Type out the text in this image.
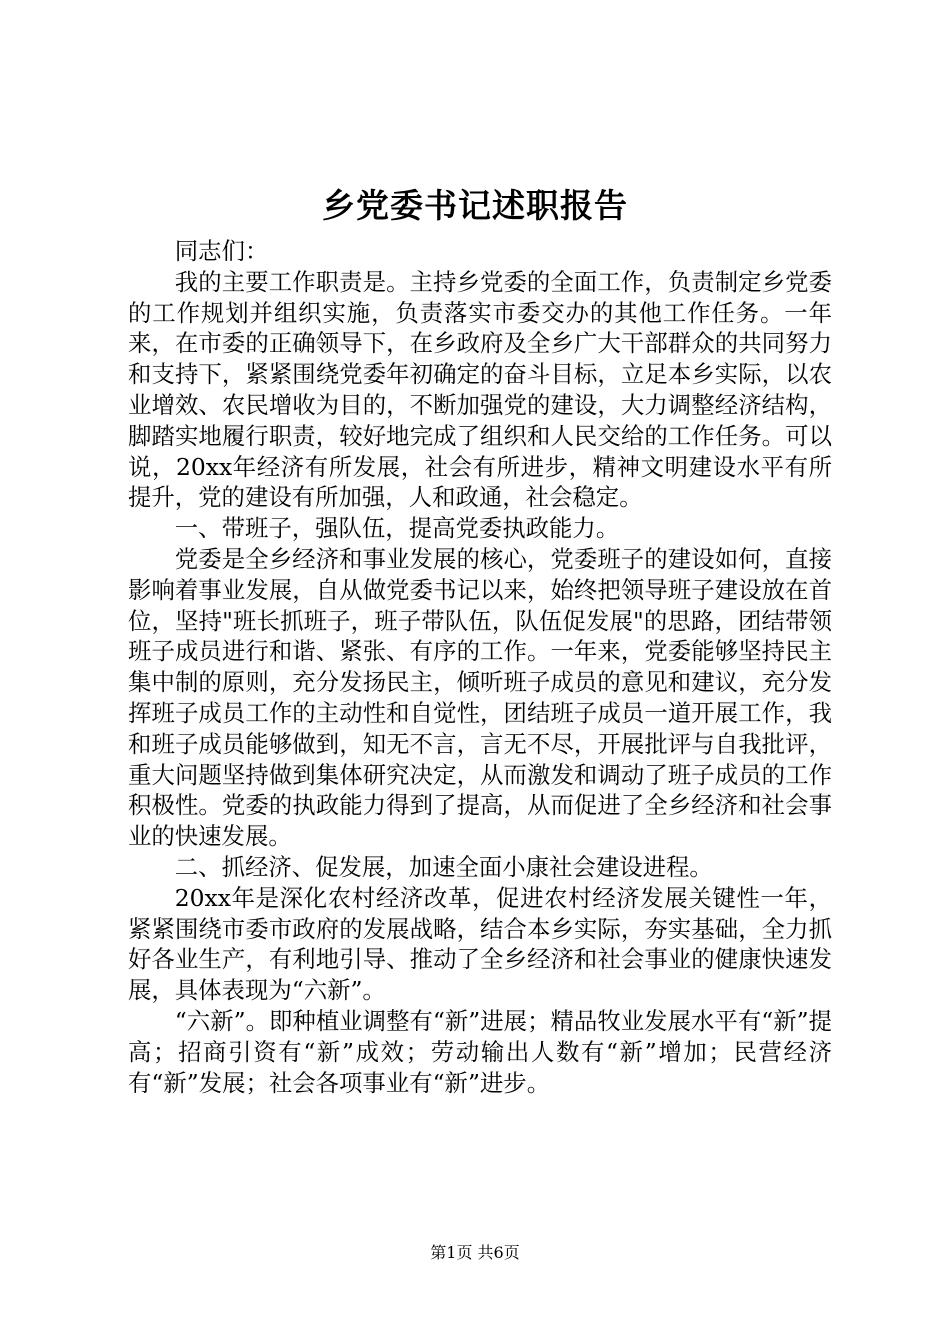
乡党委书记述职报告

同志们：

我的主要工作职责是。主持乡党委的全面工作，负责制定乡党委的工作规划并组织实施，负责落实市委交办的其他工作任务。一年来，在市委的正确领导下，在乡政府及全乡广大干部群众的共同努力和支持下，紧紧围绕党委年初确定的奋斗目标，立足本乡实际，以农业增效、农民增收为目的，不断加强党的建设，大力调整经济结构，脚踏实地履行职责，较好地完成了组织和人民交给的工作任务。可以说，20xx年经济有所发展，社会有所进步，精神文明建设水平有所提升，党的建设有所加强，人和政通，社会稳定。

一、带班子，强队伍，提高党委执政能力。

党委是全乡经济和事业发展的核心，党委班子的建设如何，直接影响着事业发展，自从做党委书记以来，始终把领导班子建设放在首位，坚持"班长抓班子，班子带队伍，队伍促发展"的思路，团结带领班子成员进行和谐、紧张、有序的工作。一年来，党委能够坚持民主集中制的原则，充分发扬民主，倾听班子成员的意见和建议，充分发挥班子成员工作的主动性和自觉性，团结班子成员一道开展工作，我和班子成员能够做到，知无不言，言无不尽，开展批评与自我批评，重大问题坚持做到集体研究决定，从而激发和调动了班子成员的工作积极性。党委的执政能力得到了提高，从而促进了全乡经济和社会事业的快速发展。

二、抓经济、促发展，加速全面小康社会建设进程。

20xx年是深化农村经济改革，促进农村经济发展关键性一年，紧紧围绕市委市政府的发展战略，结合本乡实际，夯实基础，全力抓好各业生产，有利地引导、推动了全乡经济和社会事业的健康快速发展，具体表现为“六新”。

“六新”。即种植业调整有“新”进展；精品牧业发展水平有“新”提高；招商引资有“新”成效；劳动输出人数有“新”增加；民营经济有“新”发展；社会各项事业有“新”进步。

第1页 共6页
